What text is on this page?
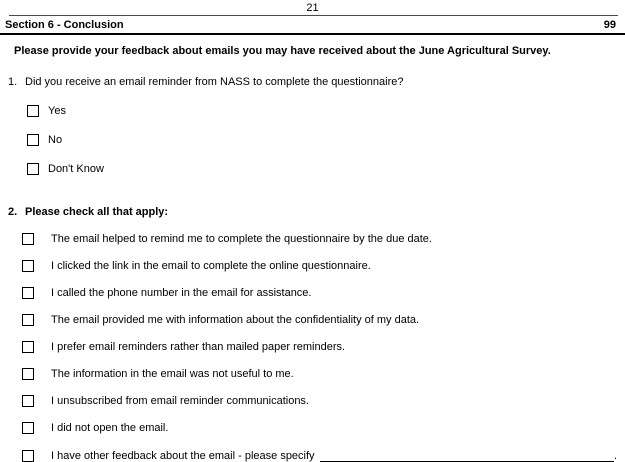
21
Section 6 - Conclusion	99
Please provide your feedback about emails you may have received about the June Agricultural Survey.
1. Did you receive an email reminder from NASS to complete the questionnaire?
Yes
No
Don't Know
2. Please check all that apply:
The email helped to remind me to complete the questionnaire by the due date.
I clicked the link in the email to complete the online questionnaire.
I called the phone number in the email for assistance.
The email provided me with information about the confidentiality of my data.
I prefer email reminders rather than mailed paper reminders.
The information in the email was not useful to me.
I unsubscribed from email reminder communications.
I did not open the email.
I have other feedback about the email - please specify	.
